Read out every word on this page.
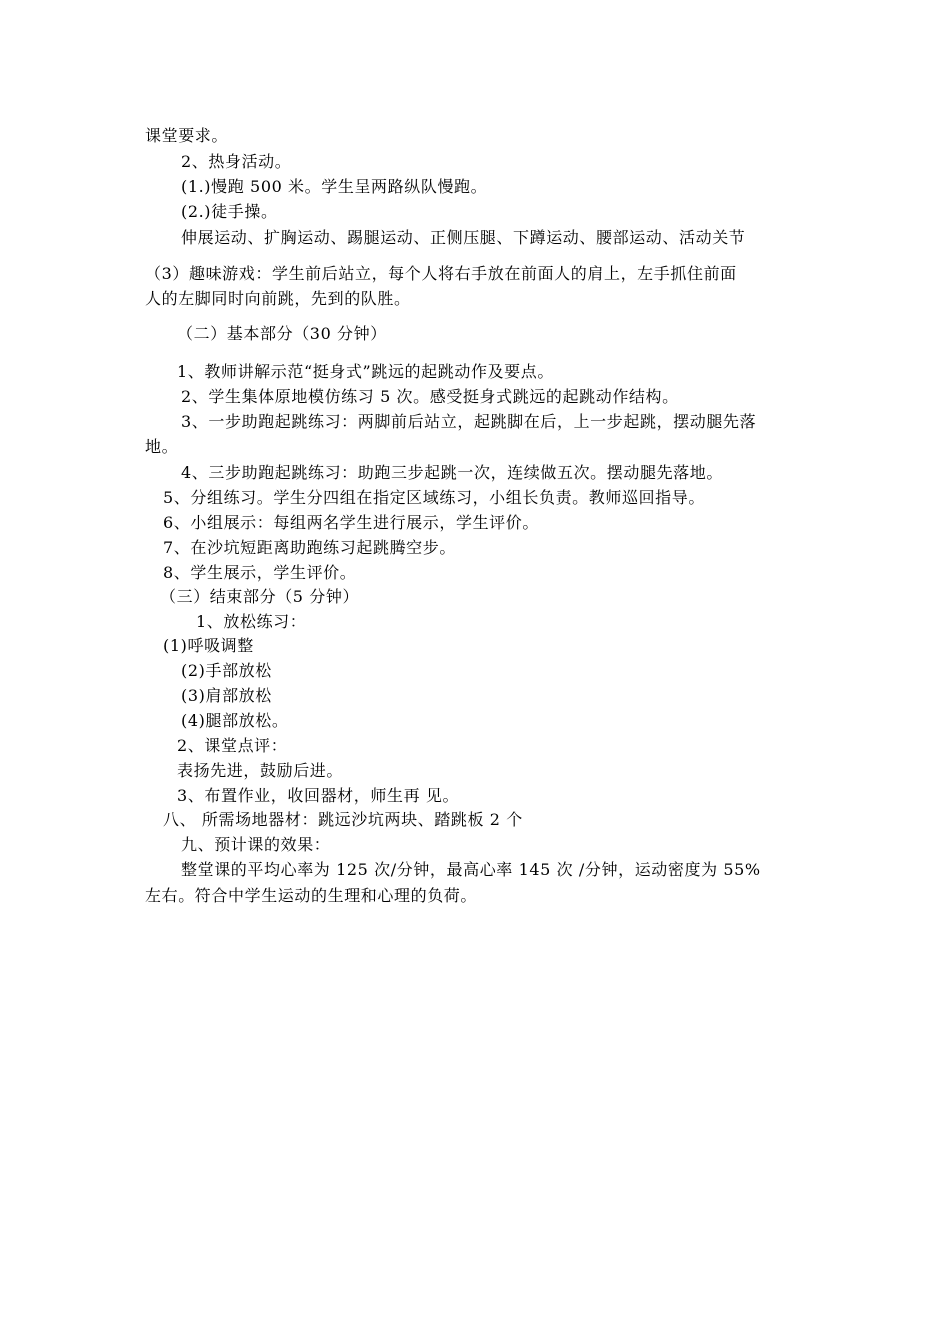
课堂要求。
2、热身活动。
(1.)慢跑 500 米。学生呈两路纵队慢跑。
(2.)徒手操。
伸展运动、扩胸运动、踢腿运动、正侧压腿、下蹲运动、腰部运动、活动关节
（3）趣味游戏：学生前后站立，每个人将右手放在前面人的肩上，左手抓住前面
人的左脚同时向前跳，先到的队胜。
（二）基本部分（30 分钟）
1、教师讲解示范“挺身式”跳远的起跳动作及要点。
2、学生集体原地模仿练习 5 次。感受挺身式跳远的起跳动作结构。
3、一步助跑起跳练习：两脚前后站立，起跳脚在后，上一步起跳，摆动腿先落
地。
4、三步助跑起跳练习：助跑三步起跳一次，连续做五次。摆动腿先落地。
5、分组练习。学生分四组在指定区域练习，小组长负责。教师巡回指导。
6、小组展示：每组两名学生进行展示，学生评价。
7、在沙坑短距离助跑练习起跳腾空步。
8、学生展示，学生评价。
（三）结束部分（5 分钟）
1、放松练习：
(1)呼吸调整
(2)手部放松
(3)肩部放松
(4)腿部放松。
2、课堂点评：
表扬先进，鼓励后进。
3、布置作业，收回器材，师生再 见。
八、 所需场地器材：跳远沙坑两块、踏跳板 2 个
九、预计课的效果：
整堂课的平均心率为 125 次/分钟，最高心率 145 次 /分钟，运动密度为 55%
左右。符合中学生运动的生理和心理的负荷。
